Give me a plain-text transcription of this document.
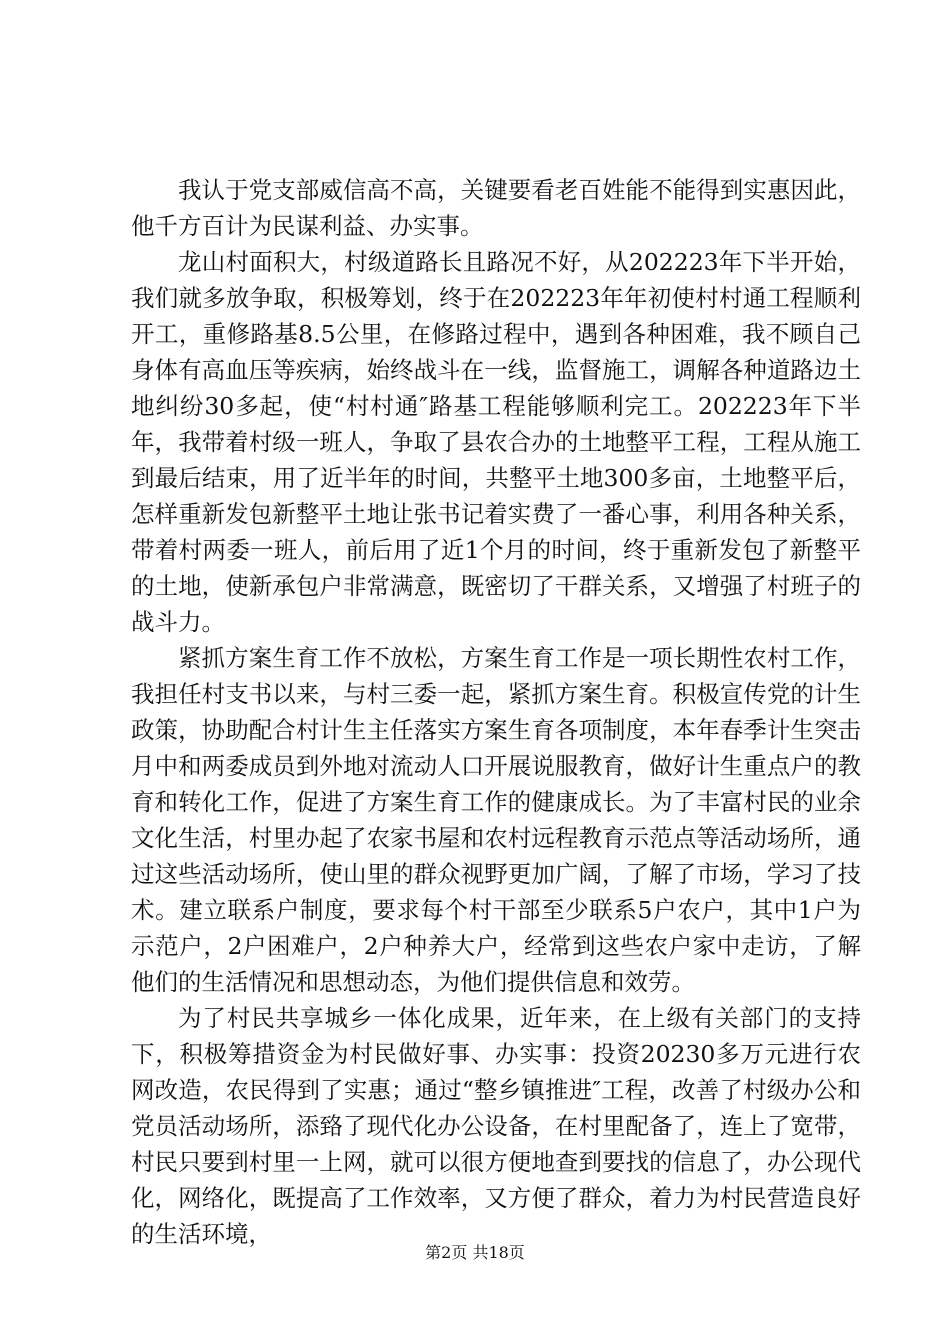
我认于党支部威信高不高，关键要看老百姓能不能得到实惠因此，他千方百计为民谋利益、办实事。

龙山村面积大，村级道路长且路况不好，从202223年下半开始，我们就多放争取，积极筹划，终于在202223年年初使村村通工程顺利开工，重修路基8.5公里，在修路过程中，遇到各种困难，我不顾自己身体有高血压等疾病，始终战斗在一线，监督施工，调解各种道路边土地纠纷30多起，使“村村通″路基工程能够顺利完工。202223年下半年，我带着村级一班人，争取了县农合办的土地整平工程，工程从施工到最后结束，用了近半年的时间，共整平土地300多亩，土地整平后，怎样重新发包新整平土地让张书记着实费了一番心事，利用各种关系，带着村两委一班人，前后用了近1个月的时间，终于重新发包了新整平的土地，使新承包户非常满意，既密切了干群关系，又增强了村班子的战斗力。

紧抓方案生育工作不放松，方案生育工作是一项长期性农村工作，我担任村支书以来，与村三委一起，紧抓方案生育。积极宣传党的计生政策，协助配合村计生主任落实方案生育各项制度，本年春季计生突击月中和两委成员到外地对流动人口开展说服教育，做好计生重点户的教育和转化工作，促进了方案生育工作的健康成长。为了丰富村民的业余文化生活，村里办起了农家书屋和农村远程教育示范点等活动场所，通过这些活动场所，使山里的群众视野更加广阔，了解了市场，学习了技术。建立联系户制度，要求每个村干部至少联系5户农户，其中1户为示范户，2户困难户，2户种养大户，经常到这些农户家中走访，了解他们的生活情况和思想动态，为他们提供信息和效劳。

为了村民共享城乡一体化成果，近年来，在上级有关部门的支持下，积极筹措资金为村民做好事、办实事：投资20230多万元进行农网改造，农民得到了实惠；通过“整乡镇推进″工程，改善了村级办公和党员活动场所，添臵了现代化办公设备，在村里配备了，连上了宽带，村民只要到村里一上网，就可以很方便地查到要找的信息了，办公现代化，网络化，既提高了工作效率，又方便了群众，着力为村民营造良好的生活环境，

第2页 共18页
